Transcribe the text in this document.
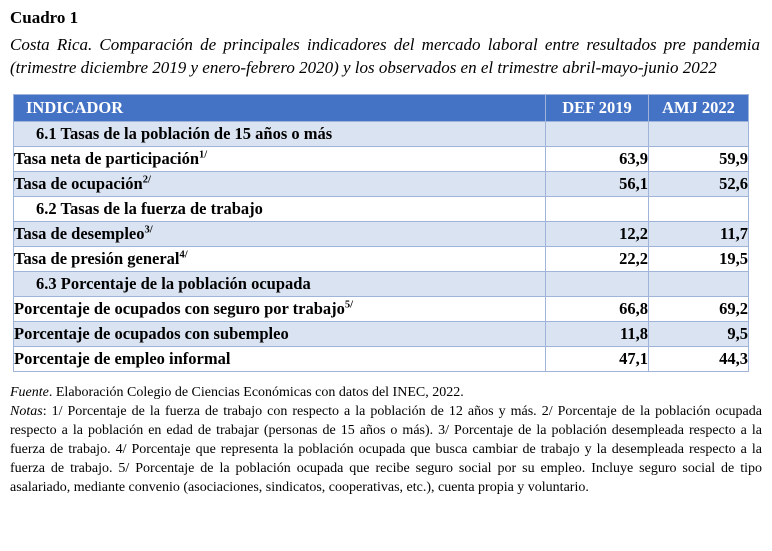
Cuadro 1

Costa Rica. Comparación de principales indicadores del mercado laboral entre resultados pre pandemia (trimestre diciembre 2019 y enero-febrero 2020) y los observados en el trimestre abril-mayo-junio 2022

INDICADOR	DEF 2019	AMJ 2022
6.1 Tasas de la población de 15 años o más		
Tasa neta de participación$^{1/}$	63,9	59,9
Tasa de ocupación$^{2/}$	56,1	52,6
6.2 Tasas de la fuerza de trabajo		
Tasa de desempleo$^{3/}$	12,2	11,7
Tasa de presión general$^{4/}$	22,2	19,5
6.3 Porcentaje de la población ocupada		
Porcentaje de ocupados con seguro por trabajo$^{5/}$	66,8	69,2
Porcentaje de ocupados con subempleo	11,8	9,5
Porcentaje de empleo informal	47,1	44,3

Fuente. Elaboración Colegio de Ciencias Económicas con datos del INEC, 2022.

Notas: 1/ Porcentaje de la fuerza de trabajo con respecto a la población de 12 años y más. 2/ Porcentaje de la población ocupada respecto a la población en edad de trabajar (personas de 15 años o más). 3/ Porcentaje de la población desempleada respecto a la fuerza de trabajo. 4/ Porcentaje que representa la población ocupada que busca cambiar de trabajo y la desempleada respecto a la fuerza de trabajo. 5/ Porcentaje de la población ocupada que recibe seguro social por su empleo. Incluye seguro social de tipo asalariado, mediante convenio (asociaciones, sindicatos, cooperativas, etc.), cuenta propia y voluntario.
